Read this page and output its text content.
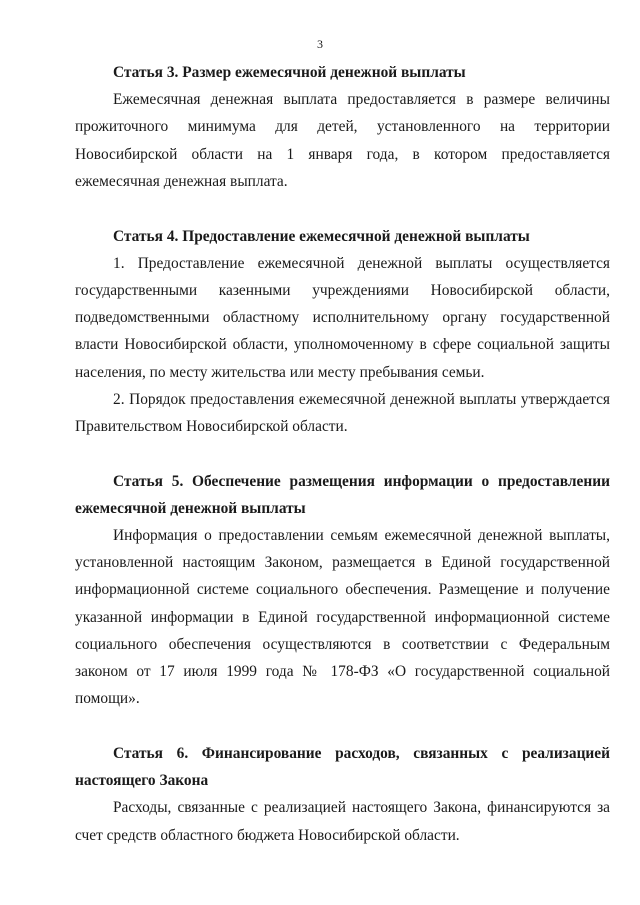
3

Статья 3. Размер ежемесячной денежной выплаты

Ежемесячная денежная выплата предоставляется в размере величины прожиточного минимума для детей, установленного на территории Новосибирской области на 1 января года, в котором предоставляется ежемесячная денежная выплата.

Статья 4. Предоставление ежемесячной денежной выплаты

1. Предоставление ежемесячной денежной выплаты осуществляется государственными казенными учреждениями Новосибирской области, подведомственными областному исполнительному органу государственной власти Новосибирской области, уполномоченному в сфере социальной защиты населения, по месту жительства или месту пребывания семьи.

2. Порядок предоставления ежемесячной денежной выплаты утверждается Правительством Новосибирской области.

Статья 5. Обеспечение размещения информации о предоставлении ежемесячной денежной выплаты

Информация о предоставлении семьям ежемесячной денежной выплаты, установленной настоящим Законом, размещается в Единой государственной информационной системе социального обеспечения. Размещение и получение указанной информации в Единой государственной информационной системе социального обеспечения осуществляются в соответствии с Федеральным законом от 17 июля 1999 года № 178-ФЗ «О государственной социальной помощи».

Статья 6. Финансирование расходов, связанных с реализацией настоящего Закона

Расходы, связанные с реализацией настоящего Закона, финансируются за счет средств областного бюджета Новосибирской области.
